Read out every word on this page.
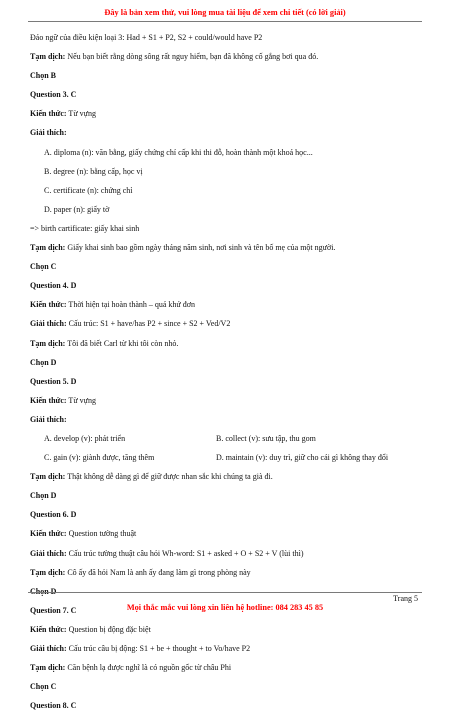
Đây là bản xem thử, vui lòng mua tài liệu để xem chi tiết (có lời giải)
Đảo ngữ của điều kiện loại 3: Had + S1 + P2, S2 + could/would have P2
Tạm dịch: Nếu bạn biết rằng dòng sông rất nguy hiểm, bạn đã không cố gắng bơi qua đó.
Chọn B
Question 3. C
Kiến thức: Từ vựng
Giải thích:
A. diploma (n): văn bằng, giấy chứng chỉ cấp khi thi đỗ, hoàn thành một khoá học...
B. degree (n): bằng cấp, học vị
C. certificate (n): chứng chỉ
D. paper (n): giấy tờ
=> birth cartificate: giấy khai sinh
Tạm dịch: Giấy khai sinh bao gồm ngày tháng năm sinh, nơi sinh và tên bố mẹ của một người.
Chọn C
Question 4. D
Kiến thức: Thời hiện tại hoàn thành – quá khứ đơn
Giải thích: Cấu trúc: S1 + have/has P2 + since + S2 + Ved/V2
Tạm dịch: Tôi đã biết Carl từ khi tôi còn nhỏ.
Chọn D
Question 5. D
Kiến thức: Từ vựng
Giải thích:
A. develop (v): phát triển	B. collect (v): sưu tập, thu gom
C. gain (v): giành được, tăng thêm	D. maintain (v): duy trì, giữ cho cái gì không thay đổi
Tạm dịch: Thật không dễ dàng gì để giữ được nhan sắc khi chúng ta già đi.
Chọn D
Question 6. D
Kiến thức: Question tường thuật
Giải thích: Cấu trúc tường thuật câu hỏi Wh-word: S1 + asked + O + S2 + V (lùi thì)
Tạm dịch: Cô ấy đã hỏi Nam là anh ấy đang làm gì trong phòng này
Chọn D
Question 7. C
Kiến thức: Question bị động đặc biệt
Giải thích: Cấu trúc câu bị động: S1 + be + thought + to Vo/have P2
Tạm dịch: Căn bệnh lạ được nghĩ là có nguồn gốc từ châu Phi
Chọn C
Question 8. C
Trang 5
Mọi thắc mắc vui lòng xin liên hệ hotline: 084 283 45 85
